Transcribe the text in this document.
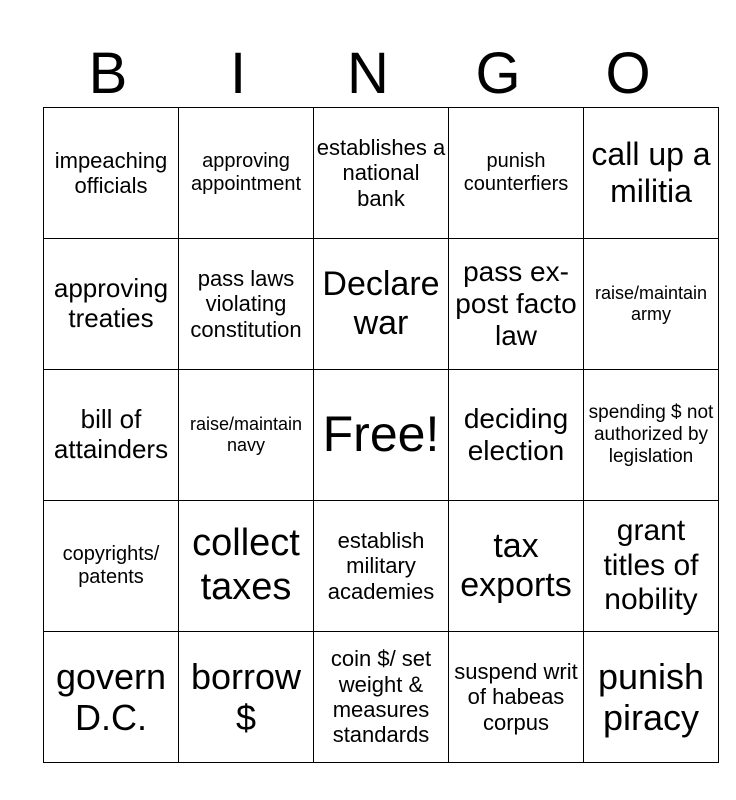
B	I	N	G	O
impeaching officials	approving appointment	establishes a national bank	punish counterfiers	call up a militia
approving treaties	pass laws violating constitution	Declare war	pass ex-post facto law	raise/maintain army
bill of attainders	raise/maintain navy	Free!	deciding election	spending $ not authorized by legislation
copyrights/ patents	collect taxes	establish military academies	tax exports	grant titles of nobility
govern D.C.	borrow $	coin $/ set weight & measures standards	suspend writ of habeas corpus	punish piracy
